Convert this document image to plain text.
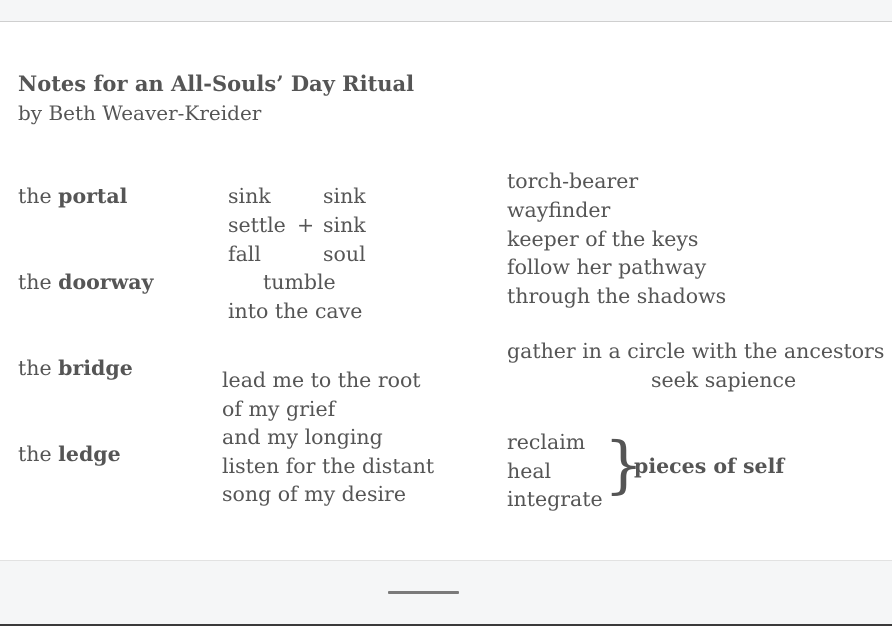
Notes for an All-Souls’ Day Ritual
by Beth Weaver-Kreider
the portal
the doorway
the bridge
the ledge
sink
settle
fall
+
sink
sink
soul
tumble
into the cave
lead me to the root
of my grief
and my longing
listen for the distant
song of my desire
torch-bearer
wayfinder
keeper of the keys
follow her pathway
through the shadows
gather in a circle with the ancestors
seek sapience
reclaim
heal
integrate }
pieces of self
